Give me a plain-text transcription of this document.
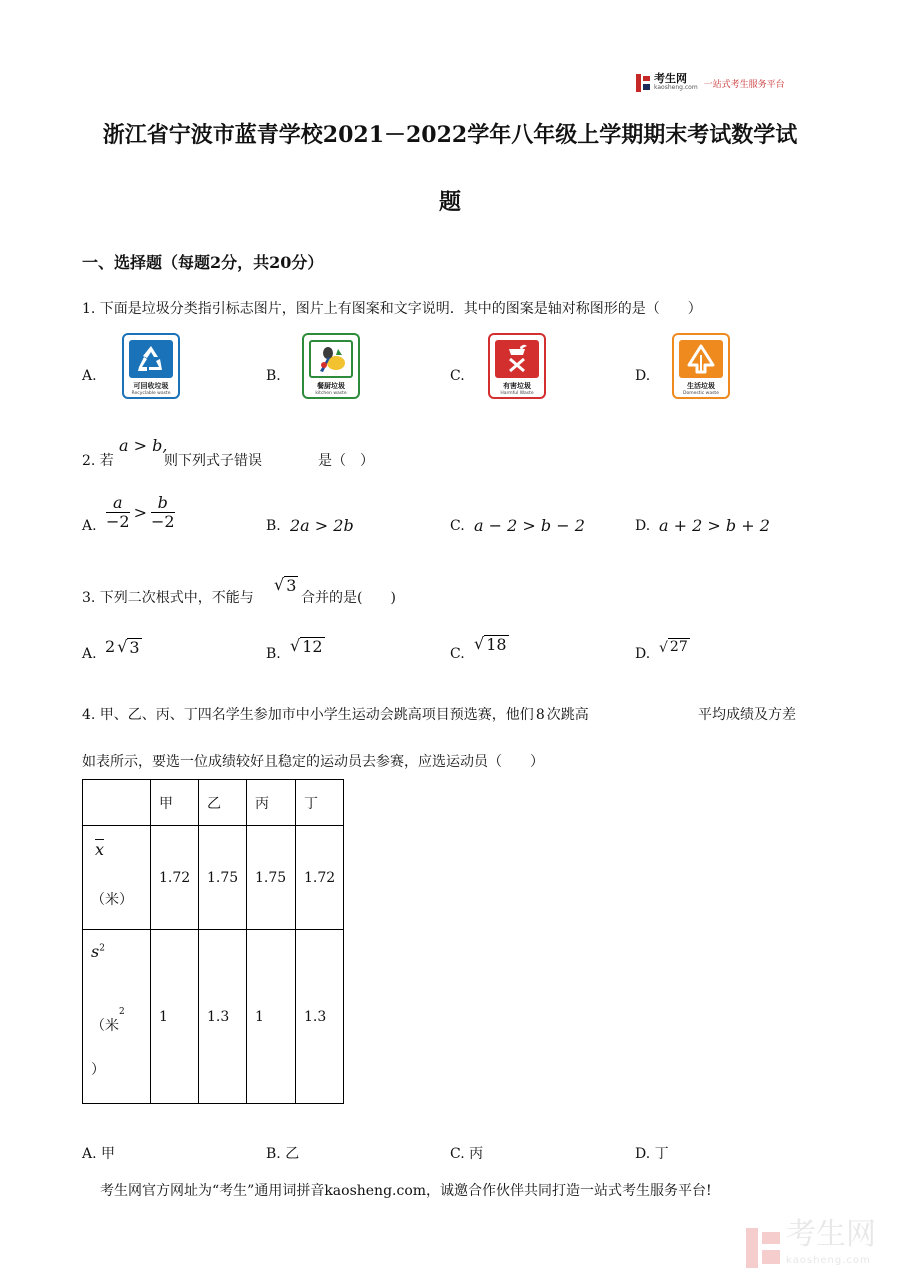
考生网
kaosheng.com 一站式考生服务平台
浙江省宁波市蓝青学校2021－2022学年八年级上学期期末考试数学试
题
一、选择题（每题2分，共20分）
1. 下面是垃圾分类指引标志图片，图片上有图案和文字说明．其中的图案是轴对称图形的是（　　）
A.
可回收垃圾
Recyclable waste
B.
餐厨垃圾
kitchen waste
C.
有害垃圾
Harmful Waste
D.
生活垃圾
Domestic waste
2. 若
a > b,
则下列式子错误	是（　）
A. $\frac{a}{-2} > \frac{b}{-2}$	B. 2a > 2b	C. a − 2 > b − 2	D. a + 2 > b + 2
3. 下列二次根式中，不能与
√ 3
合并的是(　　)
A. 2 √ 3	B. √ 12	C.
√ 18	D. √ 27
4. 甲、乙、丙、丁四名学生参加市中小学生运动会跳高项目预选赛，他们 8 次跳高	平均成绩及方差
如表所示，要选一位成绩较好且稳定的运动员去参赛，应选运动员（　　）
	甲	乙	丙	丁

$\overline{x}$
（米）	1.72	1.75	1.75	1.72

$s^2$
（米$^2$
）	1	1.3	1	1.3
A. 甲	B. 乙	C. 丙	D. 丁
考生网官方网址为“考生”通用词拼音kaosheng.com，诚邀合作伙伴共同打造一站式考生服务平台!
考生网
kaosheng.com
